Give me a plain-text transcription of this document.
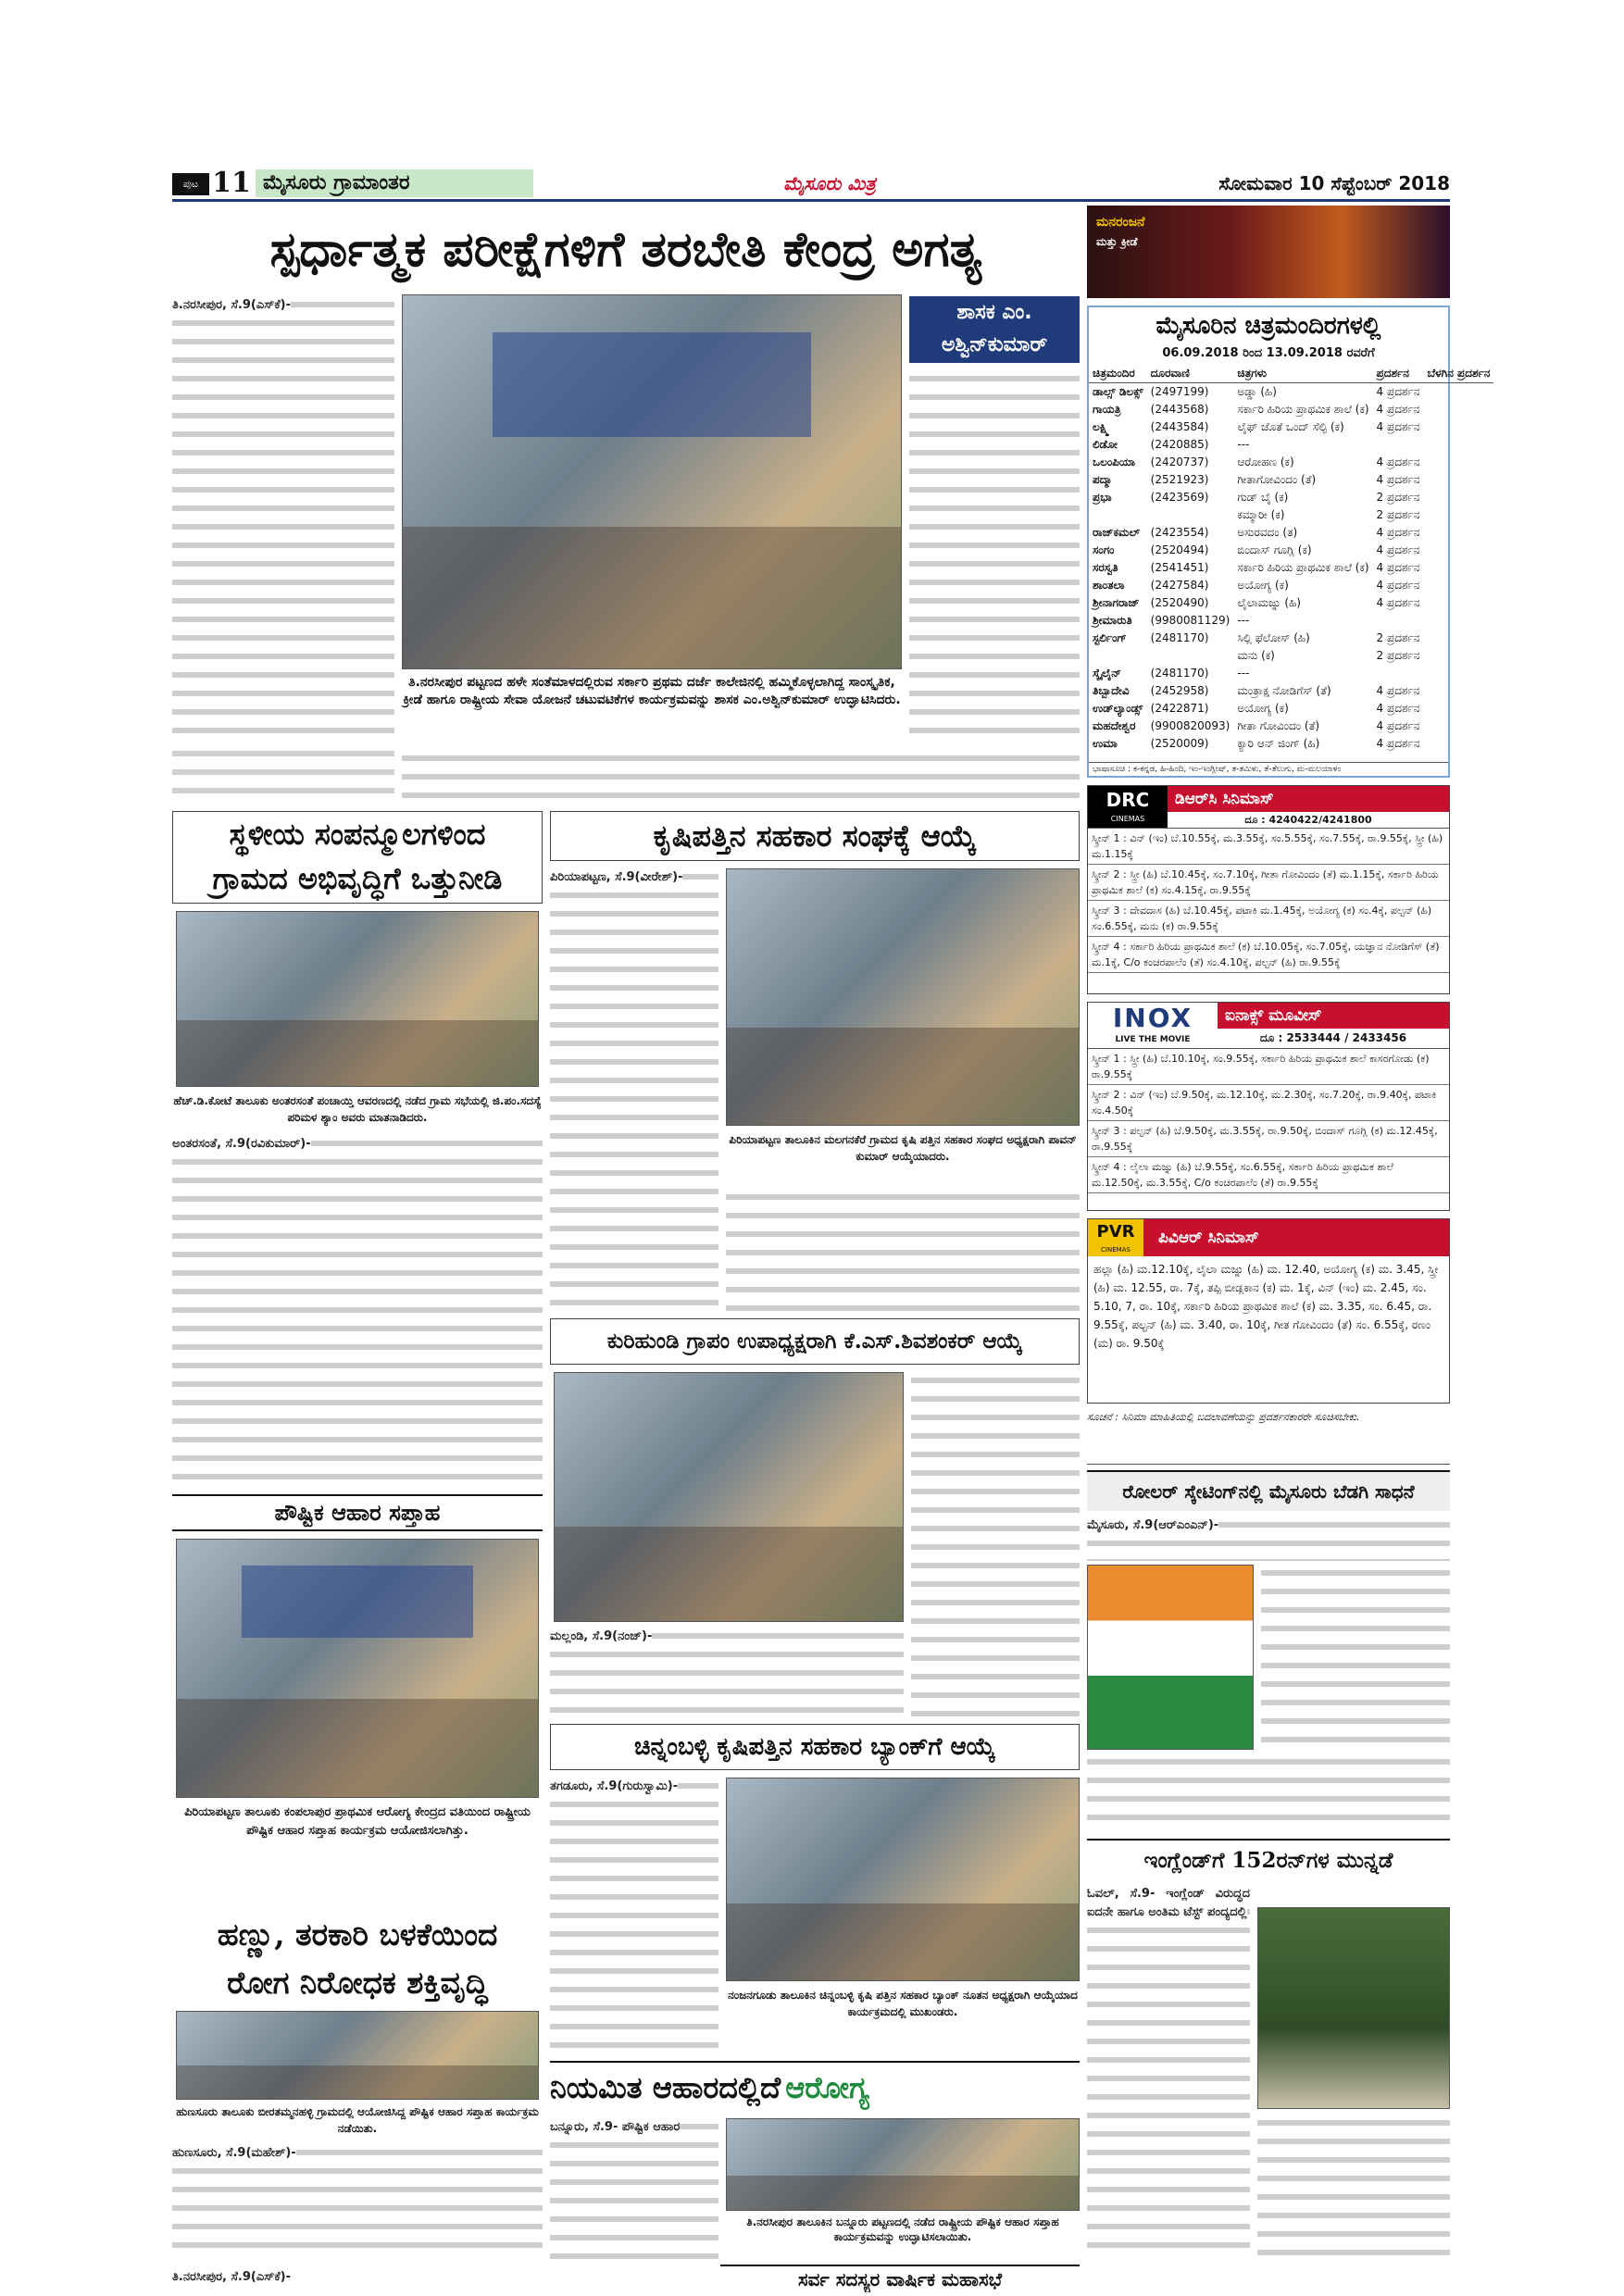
ಪುಟ 11 ಮೈಸೂರು ಗ್ರಾಮಾಂತರ	ಮೈಸೂರು ಮಿತ್ರ	ಸೋಮವಾರ 10 ಸೆಪ್ಟೆಂಬರ್ 2018
ಸ್ಪರ್ಧಾತ್ಮಕ ಪರೀಕ್ಷೆಗಳಿಗೆ ತರಬೇತಿ ಕೇಂದ್ರ ಅಗತ್ಯ
ತಿ.ನರಸೀಪುರ, ಸೆ.9(ಎಸ್‌ಕೆ)-
ತಿ.ನರಸೀಪುರ ಪಟ್ಟಣದ ಹಳೇ ಸಂತೆಮಾಳದಲ್ಲಿರುವ ಸರ್ಕಾರಿ ಪ್ರಥಮ ದರ್ಜೆ ಕಾಲೇಜಿನಲ್ಲಿ ಹಮ್ಮಿಕೊಳ್ಳಲಾಗಿದ್ದ ಸಾಂಸ್ಕೃತಿಕ, ಕ್ರೀಡೆ ಹಾಗೂ ರಾಷ್ಟ್ರೀಯ ಸೇವಾ ಯೋಜನೆ ಚಟುವಟಿಕೆಗಳ ಕಾರ್ಯಕ್ರಮವನ್ನು ಶಾಸಕ ಎಂ.ಅಶ್ವಿನ್‌ಕುಮಾರ್ ಉದ್ಘಾಟಿಸಿದರು.
ಶಾಸಕ ಎಂ.
ಅಶ್ವಿನ್‌ಕುಮಾರ್
ಸ್ಥಳೀಯ ಸಂಪನ್ಮೂಲಗಳಿಂದ
ಗ್ರಾಮದ ಅಭಿವೃದ್ಧಿಗೆ ಒತ್ತುನೀಡಿ
ಹೆಚ್.ಡಿ.ಕೋಟೆ ತಾಲೂಕು ಅಂತರಸಂತೆ ಪಂಚಾಯ್ತಿ ಆವರಣದಲ್ಲಿ ನಡೆದ ಗ್ರಾಮ ಸಭೆಯಲ್ಲಿ ಜಿ.ಪಂ.ಸದಸ್ಯೆ ಪರಿಮಳ ಶ್ಯಾಂ ಅವರು ಮಾತನಾಡಿದರು.
ಅಂತರಸಂತೆ, ಸೆ.9(ರವಿಕುಮಾರ್)-
ಕೃಷಿಪತ್ತಿನ ಸಹಕಾರ ಸಂಘಕ್ಕೆ ಆಯ್ಕೆ
ಪಿರಿಯಾಪಟ್ಟಣ, ಸೆ.9(ವೀರೇಶ್)-
ಪಿರಿಯಾಪಟ್ಟಣ ತಾಲೂಕಿನ ಮಲಗನಕೆರೆ ಗ್ರಾಮದ ಕೃಷಿ ಪತ್ತಿನ ಸಹಕಾರ ಸಂಘದ ಅಧ್ಯಕ್ಷರಾಗಿ ಪಾವನ್ ಕುಮಾರ್ ಆಯ್ಕೆಯಾದರು.
ಕುರಿಹುಂಡಿ ಗ್ರಾಪಂ ಉಪಾಧ್ಯಕ್ಷರಾಗಿ ಕೆ.ಎಸ್.ಶಿವಶಂಕರ್ ಆಯ್ಕೆ
ಮಲ್ಲಂಡಿ, ಸೆ.9(ನಂಜ್)-
ಪೌಷ್ಟಿಕ ಆಹಾರ ಸಪ್ತಾಹ
ಪಿರಿಯಾಪಟ್ಟಣ ತಾಲೂಕು ಕಂಪಲಾಪುರ ಪ್ರಾಥಮಿಕ ಆರೋಗ್ಯ ಕೇಂದ್ರದ ವತಿಯಿಂದ ರಾಷ್ಟ್ರೀಯ ಪೌಷ್ಟಿಕ ಆಹಾರ ಸಪ್ತಾಹ ಕಾರ್ಯಕ್ರಮ ಆಯೋಜಿಸಲಾಗಿತ್ತು.
ಚಿನ್ನಂಬಳ್ಳಿ ಕೃಷಿಪತ್ತಿನ ಸಹಕಾರ ಬ್ಯಾಂಕ್‌ಗೆ ಆಯ್ಕೆ
ತಗಡೂರು, ಸೆ.9(ಗುರುಸ್ವಾಮಿ)-
ನಂಜನಗೂಡು ತಾಲೂಕಿನ ಚಿನ್ನಂಬಳ್ಳಿ ಕೃಷಿ ಪತ್ತಿನ ಸಹಕಾರ ಬ್ಯಾಂಕ್ ನೂತನ ಅಧ್ಯಕ್ಷರಾಗಿ ಆಯ್ಕೆಯಾದ ಕಾರ್ಯಕ್ರಮದಲ್ಲಿ ಮುಖಂಡರು.
ಹಣ್ಣು, ತರಕಾರಿ ಬಳಕೆಯಿಂದ
ರೋಗ ನಿರೋಧಕ ಶಕ್ತಿವೃದ್ಧಿ
ಹುಣಸೂರು ತಾಲೂಕು ಬೀರತಮ್ಮನಹಳ್ಳಿ ಗ್ರಾಮದಲ್ಲಿ ಆಯೋಜಿಸಿದ್ದ ಪೌಷ್ಟಿಕ ಆಹಾರ ಸಪ್ತಾಹ ಕಾರ್ಯಕ್ರಮ ನಡೆಯಿತು.
ಹುಣಸೂರು, ಸೆ.9(ಮಹೇಶ್)-
ನಿಯಮಿತ ಆಹಾರದಲ್ಲಿದೆ ಆರೋಗ್ಯ
ಬನ್ನೂರು, ಸೆ.9- ಪೌಷ್ಟಿಕ ಆಹಾರ
ತಿ.ನರಸೀಪುರ ತಾಲೂಕಿನ ಬನ್ನೂರು ಪಟ್ಟಣದಲ್ಲಿ ನಡೆದ ರಾಷ್ಟ್ರೀಯ ಪೌಷ್ಟಿಕ ಆಹಾರ ಸಪ್ತಾಹ ಕಾರ್ಯಕ್ರಮವನ್ನು ಉದ್ಘಾಟಿಸಲಾಯಿತು.
ಮನರಂಜನೆ
ಮತ್ತು ಕ್ರೀಡೆ
ಮೈಸೂರಿನ ಚಿತ್ರಮಂದಿರಗಳಲ್ಲಿ
06.09.2018 ರಿಂದ 13.09.2018 ರವರೆಗೆ
ಚಿತ್ರಮಂದಿರ	ದೂರವಾಣಿ	ಚಿತ್ರಗಳು	ಪ್ರದರ್ಶನ	ಬೆಳಗಿನ ಪ್ರದರ್ಶನ
ಡಾಲ್ಸ್ ಡಿಲಕ್ಸ್	(2497199)	ಅಡ್ಡಾ (ಹಿ)	4 ಪ್ರದರ್ಶನ	
ಗಾಯತ್ರಿ	(2443568)	ಸರ್ಕಾರಿ ಹಿರಿಯ ಪ್ರಾಥಮಿಕ ಶಾಲೆ (ಕ)	4 ಪ್ರದರ್ಶನ	
ಲಕ್ಷ್ಮಿ	(2443584)	ಲೈಫ್ ಜೊತೆ ಒಂದ್ ಸೆಲ್ಫಿ (ಕ)	4 ಪ್ರದರ್ಶನ	
ಲಿಡೋ	(2420885)	---		
ಒಲಂಪಿಯಾ	(2420737)	ಆರೋಹಣ (ಕ)	4 ಪ್ರದರ್ಶನ	
ಪದ್ಮಾ	(2521923)	ಗೀತಾಗೋವಿಂದಂ (ತೆ)	4 ಪ್ರದರ್ಶನ	
ಪ್ರಭಾ	(2423569)	ಗುಡ್ ಬೈ (ಕ)	2 ಪ್ರದರ್ಶನ	
		ಕಮ್ಮಾರೀ (ಕ)	2 ಪ್ರದರ್ಶನ	
ರಾಜ್‌ಕಮಲ್	(2423554)	ಅಸುರವದಂ (ತ)	4 ಪ್ರದರ್ಶನ	
ಸಂಗಂ	(2520494)	ಬಿಂದಾಸ್ ಗೂಗ್ಲಿ (ಕ)	4 ಪ್ರದರ್ಶನ	
ಸರಸ್ವತಿ	(2541451)	ಸರ್ಕಾರಿ ಹಿರಿಯ ಪ್ರಾಥಮಿಕ ಶಾಲೆ (ಕ)	4 ಪ್ರದರ್ಶನ	
ಶಾಂತಲಾ	(2427584)	ಅಯೋಗ್ಯ (ಕ)	4 ಪ್ರದರ್ಶನ	
ಶ್ರೀನಾಗರಾಜ್	(2520490)	ಲೈಲಾಮಜ್ನು (ಹಿ)	4 ಪ್ರದರ್ಶನ	
ಶ್ರೀಮಾರುತಿ	(9980081129)	---		
ಸ್ಟರ್ಲಿಂಗ್	(2481170)	ಸಿಲ್ಲಿ ಫೆಲೋಸ್ (ಹಿ)	2 ಪ್ರದರ್ಶನ	
		ಮನು (ಕ)	2 ಪ್ರದರ್ಶನ	
ಸ್ಕೈಲೈನ್	(2481170)	---		
ತಿಬ್ಬಾದೇವಿ	(2452958)	ಮಂತ್ರಾಕ್ಷ ನೋಡಿಗೆಸ್ (ತೆ)	4 ಪ್ರದರ್ಶನ	
ಉಡ್‌ಲ್ಯಾಂಡ್ಸ್	(2422871)	ಅಯೋಗ್ಯ (ಕ)	4 ಪ್ರದರ್ಶನ	
ಮಹದೇಶ್ವರ	(9900820093)	ಗೀತಾ ಗೋವಿಂದಂ (ತೆ)	4 ಪ್ರದರ್ಶನ	
ಉಮಾ	(2520009)	ಕ್ಯಾರಿ ಆನ್ ಜಿಂಗ್ (ಹಿ)	4 ಪ್ರದರ್ಶನ	
ಭಾಷಾಸೂಚಿ : ಕ-ಕನ್ನಡ, ಹಿ-ಹಿಂದಿ, ಇಂ-ಇಂಗ್ಲೀಷ್, ತ-ತಮಿಳು, ತೆ-ತೆಲುಗು, ಮ-ಮಲಯಾಳಂ
DRC
CINEMAS
ಡಿಆರ್‌ಸಿ ಸಿನಿಮಾಸ್
ದೂ : 4240422/4241800
ಸ್ಕ್ರೀನ್ 1 : ವಿನ್ (ಇಂ) ಬೆ.10.55ಕ್ಕೆ, ಮ.3.55ಕ್ಕೆ, ಸಂ.5.55ಕ್ಕೆ, ಸಂ.7.55ಕ್ಕೆ, ರಾ.9.55ಕ್ಕೆ, ಸ್ತ್ರೀ (ಹಿ) ಮ.1.15ಕ್ಕೆ
ಸ್ಕ್ರೀನ್ 2 : ಸ್ತ್ರೀ (ಹಿ) ಬೆ.10.45ಕ್ಕೆ, ಸಂ.7.10ಕ್ಕೆ, ಗೀತಾ ಗೋವಿಂದಂ (ತೆ) ಮ.1.15ಕ್ಕೆ, ಸರ್ಕಾರಿ ಹಿರಿಯ ಪ್ರಾಥಮಿಕ ಶಾಲೆ (ಕ) ಸಂ.4.15ಕ್ಕೆ, ರಾ.9.55ಕ್ಕೆ
ಸ್ಕ್ರೀನ್ 3 : ದೇವದಾಸ (ಹಿ) ಬೆ.10.45ಕ್ಕೆ, ಪಟಾಕಿ ಮ.1.45ಕ್ಕೆ, ಅಯೋಗ್ಯ (ಕ) ಸಂ.4ಕ್ಕೆ, ಪಲ್ಟನ್ (ಹಿ) ಸಂ.6.55ಕ್ಕೆ, ಮನು (ಕ) ರಾ.9.55ಕ್ಕೆ
ಸ್ಕ್ರೀನ್ 4 : ಸರ್ಕಾರಿ ಹಿರಿಯ ಪ್ರಾಥಮಿಕ ಶಾಲೆ (ಕ) ಬೆ.10.05ಕ್ಕೆ, ಸಂ.7.05ಕ್ಕೆ, ಯಜ್ಞಾನ ನೋಡಿಗೆಸ್ (ತೆ) ಮ.1ಕ್ಕೆ, C/o ಕಂಚರಪಾಲೆಂ (ತೆ) ಸಂ.4.10ಕ್ಕೆ, ಪಲ್ಟನ್ (ಹಿ) ರಾ.9.55ಕ್ಕೆ
INOX
LIVE THE MOVIE
ಐನಾಕ್ಸ್ ಮೂವೀಸ್
ದೂ : 2533444 / 2433456
ಸ್ಕ್ರೀನ್ 1 : ಸ್ತ್ರೀ (ಹಿ) ಬೆ.10.10ಕ್ಕೆ, ಸಂ.9.55ಕ್ಕೆ, ಸರ್ಕಾರಿ ಹಿರಿಯ ಪ್ರಾಥಮಿಕ ಶಾಲೆ ಕಾಸರಗೋಡು (ಕ) ರಾ.9.55ಕ್ಕೆ
ಸ್ಕ್ರೀನ್ 2 : ವಿನ್ (ಇಂ) ಬೆ.9.50ಕ್ಕೆ, ಮ.12.10ಕ್ಕೆ, ಮ.2.30ಕ್ಕೆ, ಸಂ.7.20ಕ್ಕೆ, ರಾ.9.40ಕ್ಕೆ, ಪಟಾಕಿ ಸಂ.4.50ಕ್ಕೆ
ಸ್ಕ್ರೀನ್ 3 : ಪಲ್ಟನ್ (ಹಿ) ಬೆ.9.50ಕ್ಕೆ, ಮ.3.55ಕ್ಕೆ, ರಾ.9.50ಕ್ಕೆ, ಬಿಂದಾಸ್ ಗೂಗ್ಲಿ (ಕ) ಮ.12.45ಕ್ಕೆ, ರಾ.9.55ಕ್ಕೆ
ಸ್ಕ್ರೀನ್ 4 : ಲೈಲಾ ಮಜ್ನು (ಹಿ) ಬೆ.9.55ಕ್ಕೆ, ಸಂ.6.55ಕ್ಕೆ, ಸರ್ಕಾರಿ ಹಿರಿಯ ಪ್ರಾಥಮಿಕ ಶಾಲೆ ಮ.12.50ಕ್ಕೆ, ಮ.3.55ಕ್ಕೆ, C/o ಕಂಚರಪಾಲೆಂ (ತೆ) ರಾ.9.55ಕ್ಕೆ
PVR
CINEMAS
ಪಿವಿಆರ್ ಸಿನಿಮಾಸ್
ಹಲ್ಲಾ (ಹಿ) ಮ.12.10ಕ್ಕೆ, ಲೈಲಾ ಮಜ್ನು (ಹಿ) ಮ. 12.40, ಅಯೋಗ್ಯ (ಕ) ಮ. 3.45, ಸ್ತ್ರೀ (ಹಿ) ಮ. 12.55, ರಾ. 7ಕ್ಕೆ, ತಪ್ಪಿ ಬೀಡ್ಲಕಾನ (ಕ) ಮ. 1ಕ್ಕೆ, ವಿನ್ (ಇಂ) ಮ. 2.45, ಸಂ. 5.10, 7, ರಾ. 10ಕ್ಕೆ, ಸರ್ಕಾರಿ ಹಿರಿಯ ಪ್ರಾಥಮಿಕ ಶಾಲೆ (ಕ) ಮ. 3.35, ಸಂ. 6.45, ರಾ. 9.55ಕ್ಕೆ, ಪಲ್ಟನ್ (ಹಿ) ಮ. 3.40, ರಾ. 10ಕ್ಕೆ, ಗೀತ ಗೋವಿಂದಂ (ತೆ) ಸಂ. 6.55ಕ್ಕೆ, ರಣಂ (ಮ) ರಾ. 9.50ಕ್ಕೆ
ಸೂಚನೆ : ಸಿನಿಮಾ ಮಾಹಿತಿಯಲ್ಲಿ ಬದಲಾವಣೆಯನ್ನು ಪ್ರದರ್ಶನಕಾರರೇ ಸೂಚಿಸಬೇಕು.
ರೋಲರ್ ಸ್ಕೇಟಿಂಗ್‌ನಲ್ಲಿ ಮೈಸೂರು ಬೆಡಗಿ ಸಾಧನೆ
ಮೈಸೂರು, ಸೆ.9(ಆರ್‌ಎಂಎನ್)-
ಇಂಗ್ಲೆಂಡ್‌ಗೆ 152ರನ್‌ಗಳ ಮುನ್ನಡೆ
ಓವಲ್, ಸೆ.9- ಇಂಗ್ಲೆಂಡ್ ವಿರುದ್ಧದ ಐದನೇ ಹಾಗೂ ಅಂತಿಮ ಟೆಸ್ಟ್ ಪಂದ್ಯದಲ್ಲಿ
ಸರ್ವ ಸದಸ್ಯರ ವಾರ್ಷಿಕ ಮಹಾಸಭೆ
ತಿ.ನರಸೀಪುರ, ಸೆ.9(ಎಸ್‌ಕೆ)-
